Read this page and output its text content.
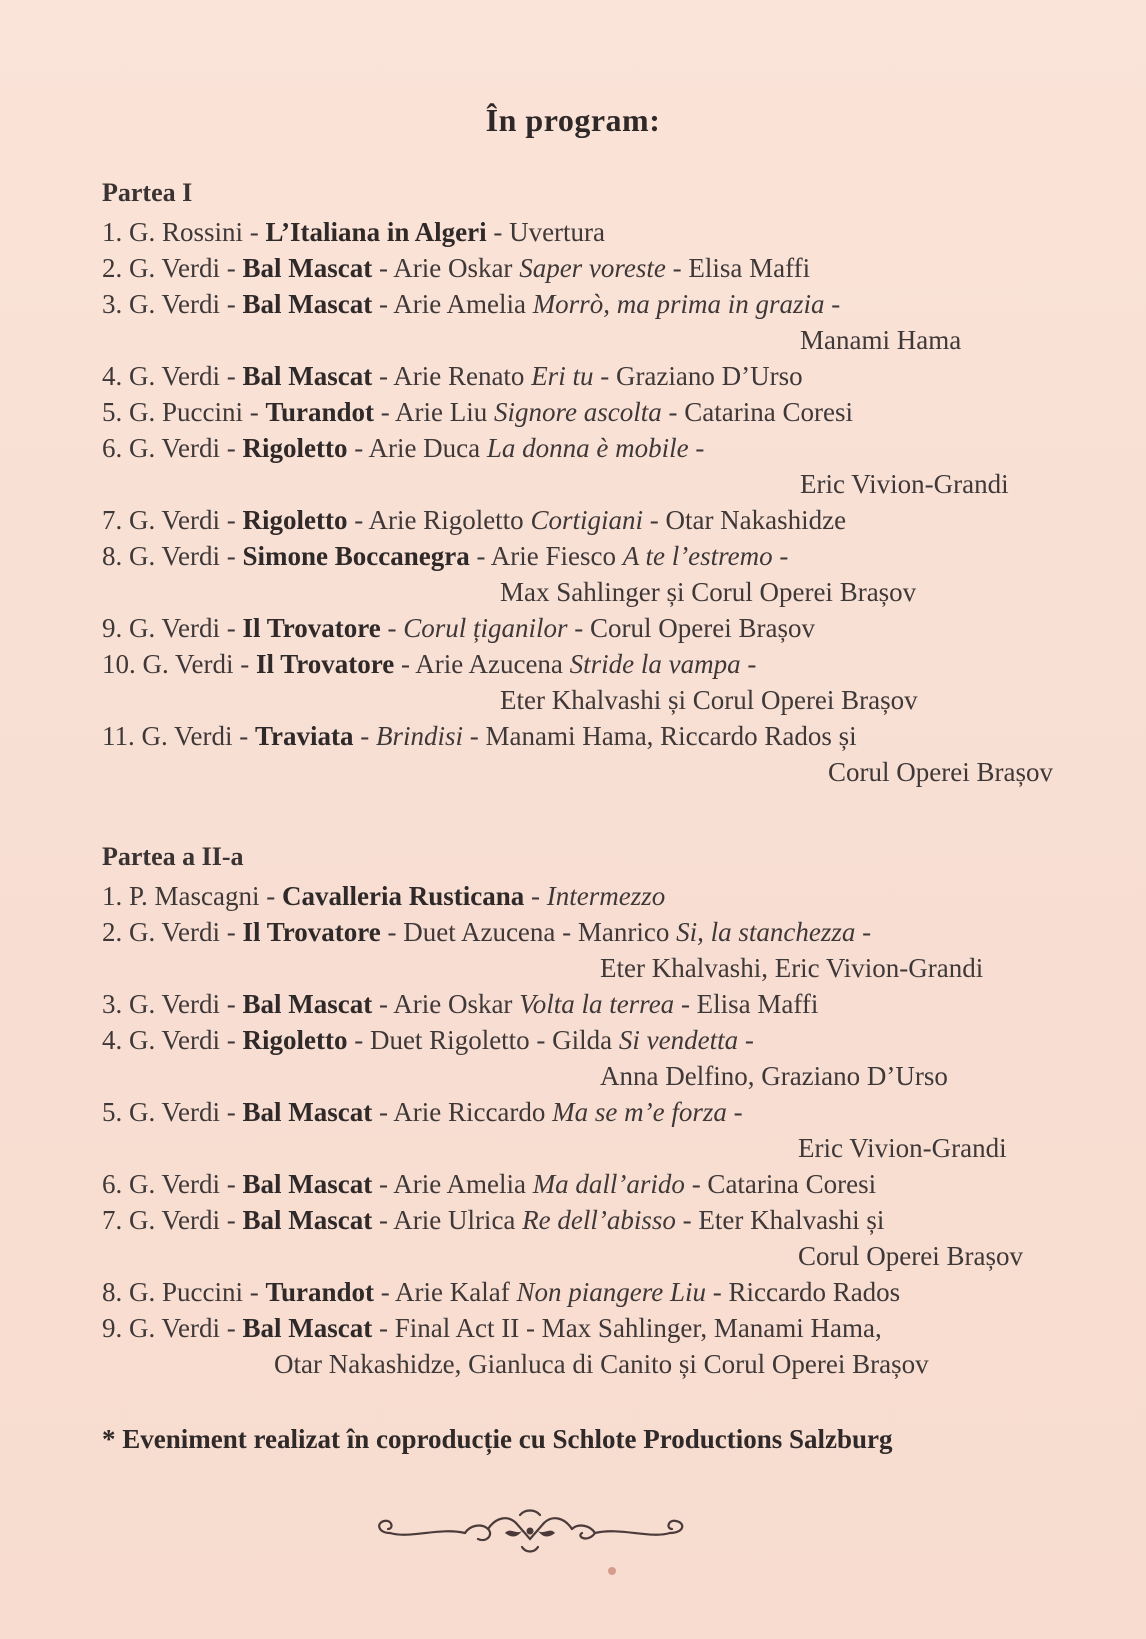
În program:
Partea I
1. G. Rossini - L’Italiana in Algeri - Uvertura
2. G. Verdi - Bal Mascat - Arie Oskar Saper voreste - Elisa Maffi
3. G. Verdi - Bal Mascat - Arie Amelia Morrò, ma prima in grazia -
Manami Hama
4. G. Verdi - Bal Mascat - Arie Renato Eri tu - Graziano D’Urso
5. G. Puccini - Turandot - Arie Liu Signore ascolta - Catarina Coresi
6. G. Verdi - Rigoletto - Arie Duca La donna è mobile -
Eric Vivion-Grandi
7. G. Verdi - Rigoletto - Arie Rigoletto Cortigiani - Otar Nakashidze
8. G. Verdi - Simone Boccanegra - Arie Fiesco A te l’estremo -
Max Sahlinger și Corul Operei Brașov
9. G. Verdi - Il Trovatore - Corul țiganilor - Corul Operei Brașov
10. G. Verdi - Il Trovatore - Arie Azucena Stride la vampa -
Eter Khalvashi și Corul Operei Brașov
11. G. Verdi - Traviata - Brindisi - Manami Hama, Riccardo Rados și
Corul Operei Brașov
Partea a II-a
1. P. Mascagni - Cavalleria Rusticana - Intermezzo
2. G. Verdi - Il Trovatore - Duet Azucena - Manrico Si, la stanchezza -
Eter Khalvashi, Eric Vivion-Grandi
3. G. Verdi - Bal Mascat - Arie Oskar Volta la terrea - Elisa Maffi
4. G. Verdi - Rigoletto - Duet Rigoletto - Gilda Si vendetta -
Anna Delfino, Graziano D’Urso
5. G. Verdi - Bal Mascat - Arie Riccardo Ma se m’e forza -
Eric Vivion-Grandi
6. G. Verdi - Bal Mascat - Arie Amelia Ma dall’arido - Catarina Coresi
7. G. Verdi - Bal Mascat - Arie Ulrica Re dell’abisso - Eter Khalvashi și
Corul Operei Brașov
8. G. Puccini - Turandot - Arie Kalaf Non piangere Liu - Riccardo Rados
9. G. Verdi - Bal Mascat - Final Act II - Max Sahlinger, Manami Hama,
Otar Nakashidze, Gianluca di Canito și Corul Operei Brașov
* Eveniment realizat în coproducție cu Schlote Productions Salzburg
